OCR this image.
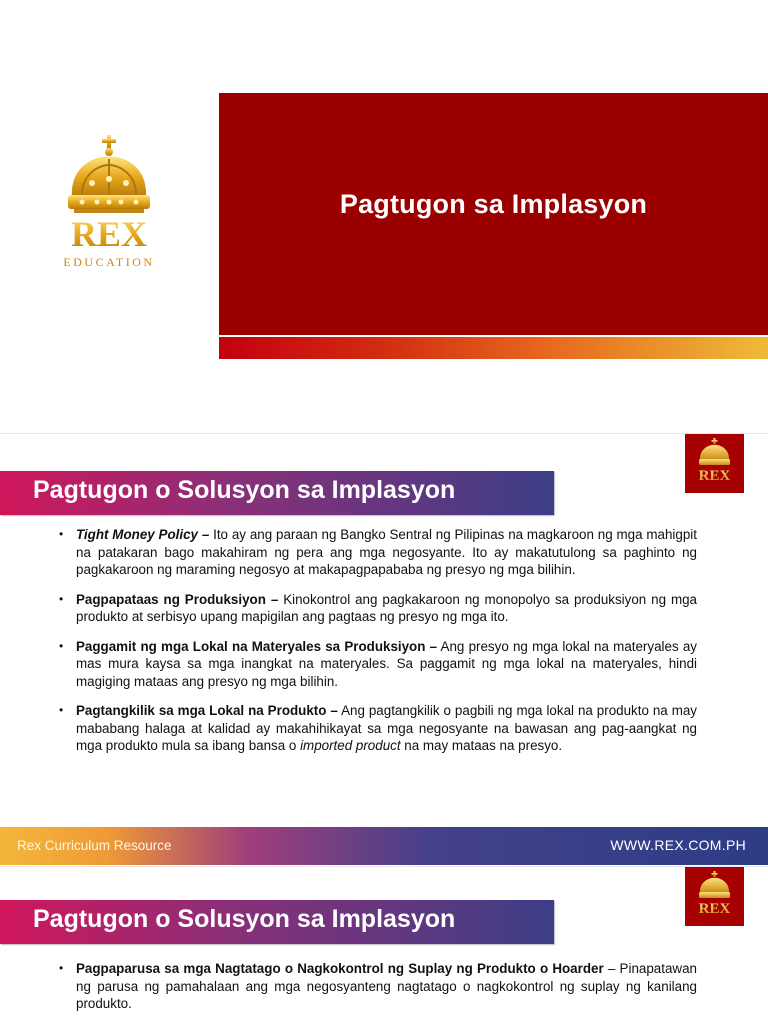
REX
EDUCATION
Pagtugon sa Implasyon
Pagtugon o Solusyon sa Implasyon	REX
• Tight Money Policy – Ito ay ang paraan ng Bangko Sentral ng Pilipinas na magkaroon ng mga mahigpit na patakaran bago makahiram ng pera ang mga negosyante. Ito ay makatutulong sa paghinto ng pagkakaroon ng maraming negosyo at makapagpapababa ng presyo ng mga bilihin.
• Pagpapataas ng Produksiyon – Kinokontrol ang pagkakaroon ng monopolyo sa produksiyon ng mga produkto at serbisyo upang mapigilan ang pagtaas ng presyo ng mga ito.
• Paggamit ng mga Lokal na Materyales sa Produksiyon – Ang presyo ng mga lokal na materyales ay mas mura kaysa sa mga inangkat na materyales. Sa paggamit ng mga lokal na materyales, hindi magiging mataas ang presyo ng mga bilihin.
• Pagtangkilik sa mga Lokal na Produkto – Ang pagtangkilik o pagbili ng mga lokal na produkto na may mababang halaga at kalidad ay makahihikayat sa mga negosyante na bawasan ang pag-aangkat ng mga produkto mula sa ibang bansa o imported product na may mataas na presyo.
Rex Curriculum Resource	WWW.REX.COM.PH
Pagtugon o Solusyon sa Implasyon	REX
• Pagpaparusa sa mga Nagtatago o Nagkokontrol ng Suplay ng Produkto o Hoarder – Pinapatawan ng parusa ng pamahalaan ang mga negosyanteng nagtatago o nagkokontrol ng suplay ng kanilang produkto.
